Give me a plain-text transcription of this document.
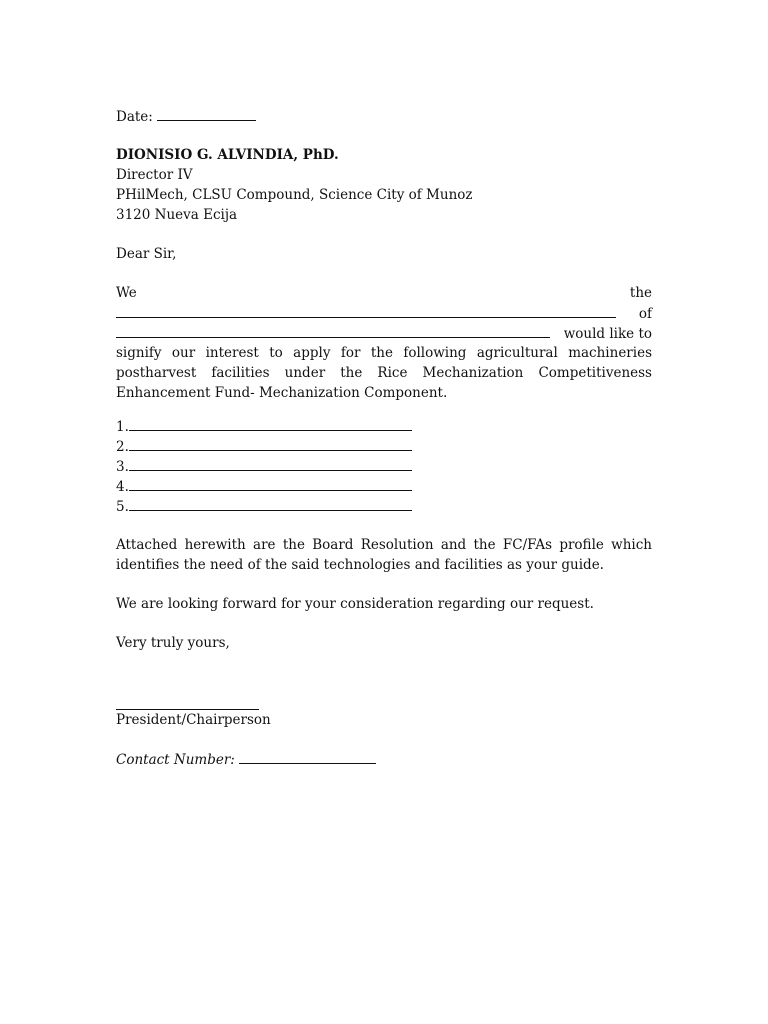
Date:
DIONISIO G. ALVINDIA, PhD.
Director IV
PHilMech, CLSU Compound, Science City of Munoz
3120 Nueva Ecija
Dear Sir,
We	the
of
would like to
signify our interest to apply for the following agricultural machineries postharvest facilities under the Rice Mechanization Competitiveness Enhancement Fund- Mechanization Component.
1.
2.
3.
4.
5.
Attached herewith are the Board Resolution and the FC/FAs profile which identifies the need of the said technologies and facilities as your guide.
We are looking forward for your consideration regarding our request.
Very truly yours,
President/Chairperson
Contact Number:
